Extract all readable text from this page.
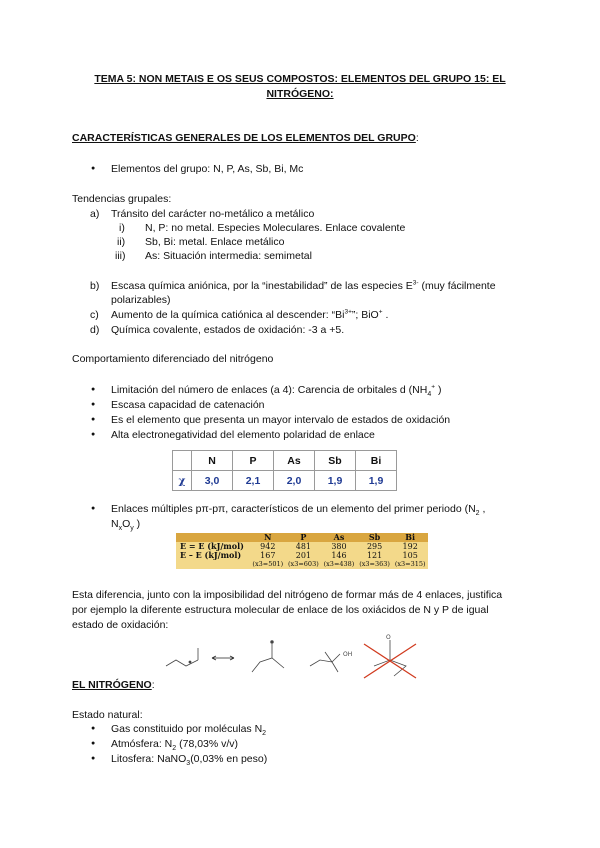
TEMA 5: NON METAIS E OS SEUS COMPOSTOS: ELEMENTOS DEL GRUPO 15: EL NITRÓGENO:
CARACTERÍSTICAS GENERALES DE LOS ELEMENTOS DEL GRUPO:
● Elementos del grupo: N, P, As, Sb, Bi, Mc
Tendencias grupales:
a) Tránsito del carácter no-metálico a metálico
i) N, P: no metal. Especies Moleculares. Enlace covalente
ii) Sb, Bi: metal. Enlace metálico
iii) As: Situación intermedia: semimetal
b) Escasa química aniónica, por la “inestabilidad” de las especies $E^{3-}$ (muy fácilmente
polarizables)
c) Aumento de la química catiónica al descender: “$Bi^{3+}$”; BiO+ .
d) Química covalente, estados de oxidación: -3 a +5.
Comportamiento diferenciado del nitrógeno
● Limitación del número de enlaces (a 4): Carencia de orbitales d ($NH_4^+$ )
● Escasa capacidad de catenación
● Es el elemento que presenta un mayor intervalo de estados de oxidación
● Alta electronegatividad del elemento polaridad de enlace
	N	P	As	Sb	Bi
χ	3,0	2,1	2,0	1,9	1,9
● Enlaces múltiples pπ-pπ, característicos de un elemento del primer periodo ($N_2$ ,
$N_xO_y$ )
	N	P	As	Sb	Bi
E = E (kJ/mol)	942	481	380	295	192
E – E (kJ/mol)	167	201	146	121	105
	(x3=501)	(x3=603)	(x3=438)	(x3=363)	(x3=315)
Esta diferencia, junto con la imposibilidad del nitrógeno de formar más de 4 enlaces, justifica
por ejemplo la diferente estructura molecular de enlace de los oxiácidos de N y P de igual
estado de oxidación:
OH
O
EL NITRÓGENO:
Estado natural:
● Gas constituido por moléculas $N_2$
● Atmósfera: $N_2$ (78,03% v/v)
● Litosfera: NaNO$_3$(0,03% en peso)
